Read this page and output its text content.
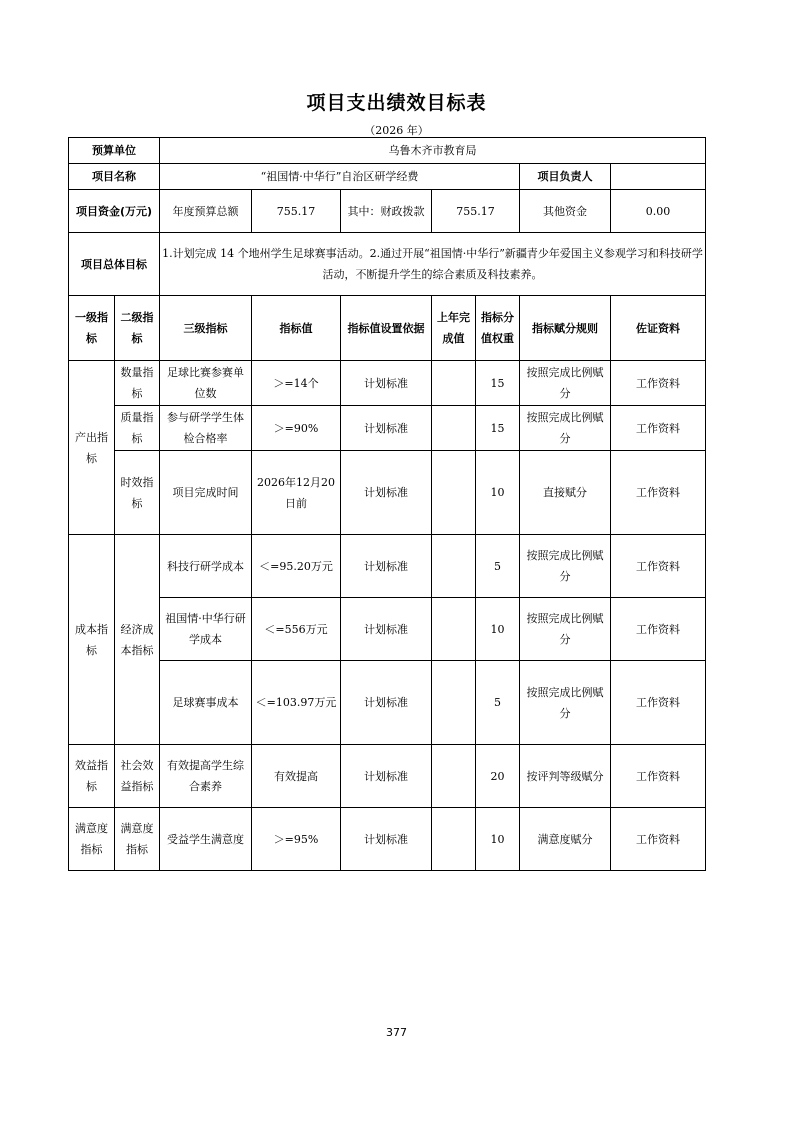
项目支出绩效目标表
（2026 年）
预算单位		乌鲁木齐市教育局						
项目名称		“祖国情·中华行”自治区研学经费					项目负责人	
项目资金(万元)		年度预算总额	755.17	其中：财政拨款	755.17		其他资金	0.00
项目总体目标		1.计划完成 14 个地州学生足球赛事活动。2.通过开展“祖国情·中华行”新疆青少年爱国主义参观学习和科技研学活动，不断提升学生的综合素质及科技素养。						
一级指标	二级指标	三级指标	指标值	指标值设置依据	上年完成值	指标分值权重	指标赋分规则	佐证资料
产出指标	数量指标	足球比赛参赛单位数	＞=14个	计划标准		15	按照完成比例赋分	工作资料
	质量指标	参与研学学生体检合格率	＞=90%	计划标准		15	按照完成比例赋分	工作资料
	时效指标	项目完成时间	2026年12月20日前	计划标准		10	直接赋分	工作资料
成本指标	经济成本指标	科技行研学成本	＜=95.20万元	计划标准		5	按照完成比例赋分	工作资料
		祖国情·中华行研学成本	＜=556万元	计划标准		10	按照完成比例赋分	工作资料
		足球赛事成本	＜=103.97万元	计划标准		5	按照完成比例赋分	工作资料
效益指标	社会效益指标	有效提高学生综合素养	有效提高	计划标准		20	按评判等级赋分	工作资料
满意度指标	满意度指标	受益学生满意度	＞=95%	计划标准		10	满意度赋分	工作资料
377
